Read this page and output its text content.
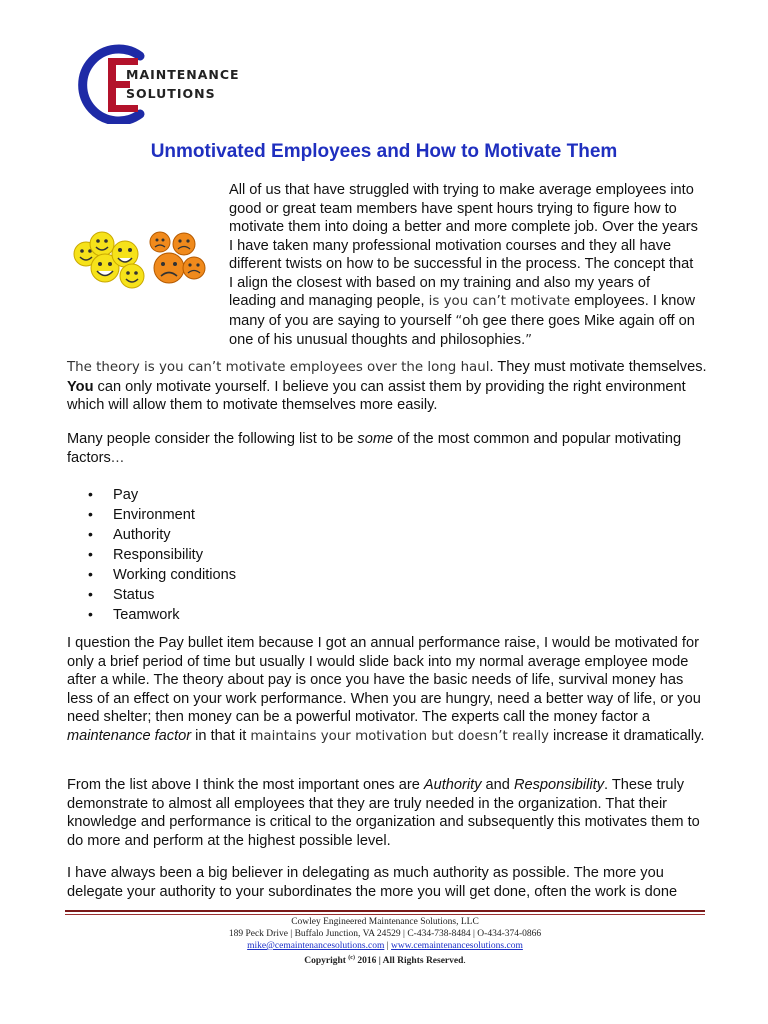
MAINTENANCE
SOLUTIONS
Unmotivated Employees and How to Motivate Them
All of us that have struggled with trying to make average employees into good or great team members have spent hours trying to figure how to motivate them into doing a better and more complete job. Over the years I have taken many professional motivation courses and they all have different twists on how to be successful in the process. The concept that I align the closest with based on my training and also my years of leading and managing people, is you can’t motivate employees. I know many of you are saying to yourself “oh gee there goes Mike again off on one of his unusual thoughts and philosophies.”
The theory is you can’t motivate employees over the long haul. They must motivate themselves. You can only motivate yourself. I believe you can assist them by providing the right environment which will allow them to motivate themselves more easily.
Many people consider the following list to be some of the most common and popular motivating factors…
• Pay
• Environment
• Authority
• Responsibility
• Working conditions
• Status
• Teamwork
I question the Pay bullet item because I got an annual performance raise, I would be motivated for only a brief period of time but usually I would slide back into my normal average employee mode after a while. The theory about pay is once you have the basic needs of life, survival money has less of an effect on your work performance. When you are hungry, need a better way of life, or you need shelter; then money can be a powerful motivator. The experts call the money factor a maintenance factor in that it maintains your motivation but doesn’t really increase it dramatically.
From the list above I think the most important ones are Authority and Responsibility. These truly demonstrate to almost all employees that they are truly needed in the organization. That their knowledge and performance is critical to the organization and subsequently this motivates them to do more and perform at the highest possible level.
I have always been a big believer in delegating as much authority as possible. The more you delegate your authority to your subordinates the more you will get done, often the work is done
Cowley Engineered Maintenance Solutions, LLC
189 Peck Drive | Buffalo Junction, VA 24529 | C-434-738-8484 | O-434-374-0866
mike@cemaintenancesolutions.com | www.cemaintenancesolutions.com
Copyright $^{(c)}$ 2016 | All Rights Reserved.
